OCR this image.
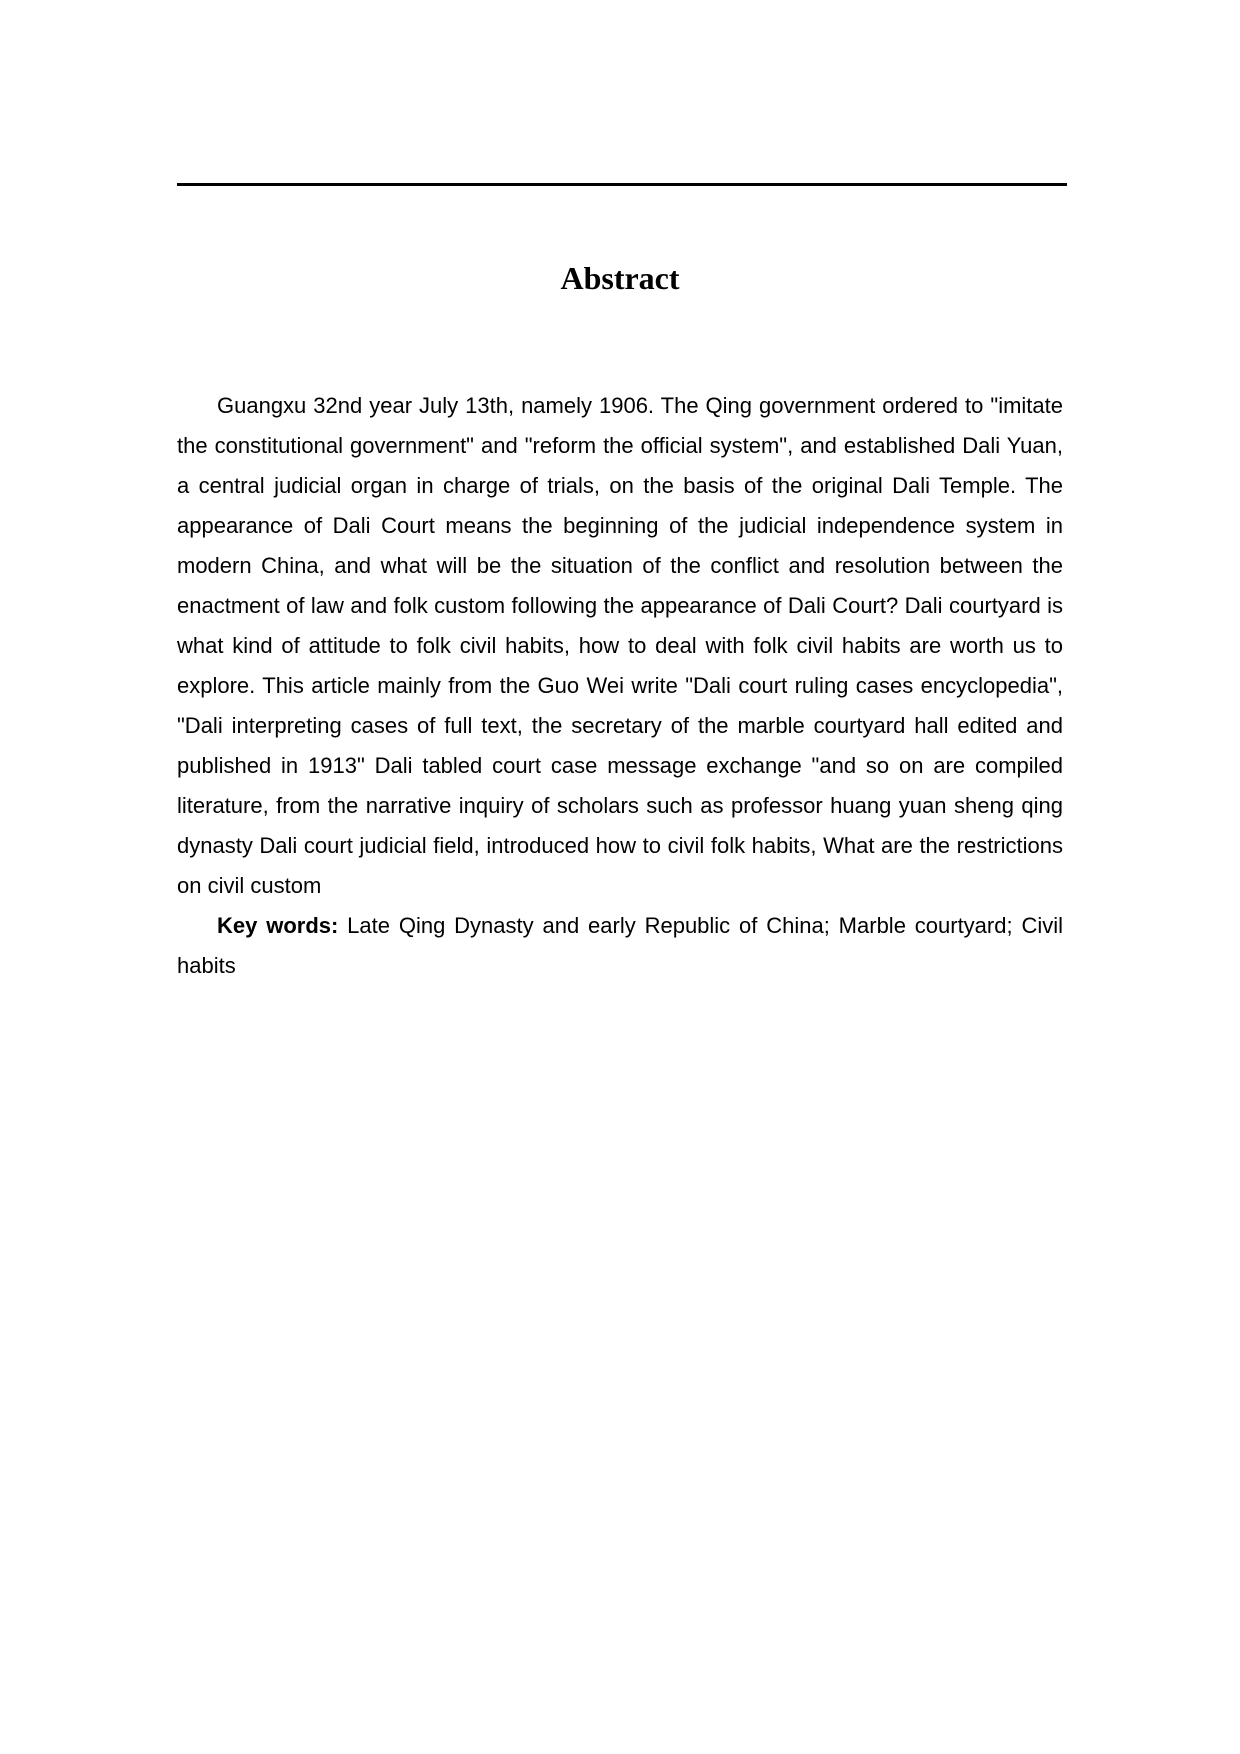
Abstract

Guangxu 32nd year July 13th, namely 1906. The Qing government ordered to "imitate the constitutional government" and "reform the official system", and established Dali Yuan, a central judicial organ in charge of trials, on the basis of the original Dali Temple. The appearance of Dali Court means the beginning of the judicial independence system in modern China, and what will be the situation of the conflict and resolution between the enactment of law and folk custom following the appearance of Dali Court? Dali courtyard is what kind of attitude to folk civil habits, how to deal with folk civil habits are worth us to explore. This article mainly from the Guo Wei write "Dali court ruling cases encyclopedia", "Dali interpreting cases of full text, the secretary of the marble courtyard hall edited and published in 1913" Dali tabled court case message exchange "and so on are compiled literature, from the narrative inquiry of scholars such as professor huang yuan sheng qing dynasty Dali court judicial field, introduced how to civil folk habits, What are the restrictions on civil custom

Key words: Late Qing Dynasty and early Republic of China; Marble courtyard; Civil habits
